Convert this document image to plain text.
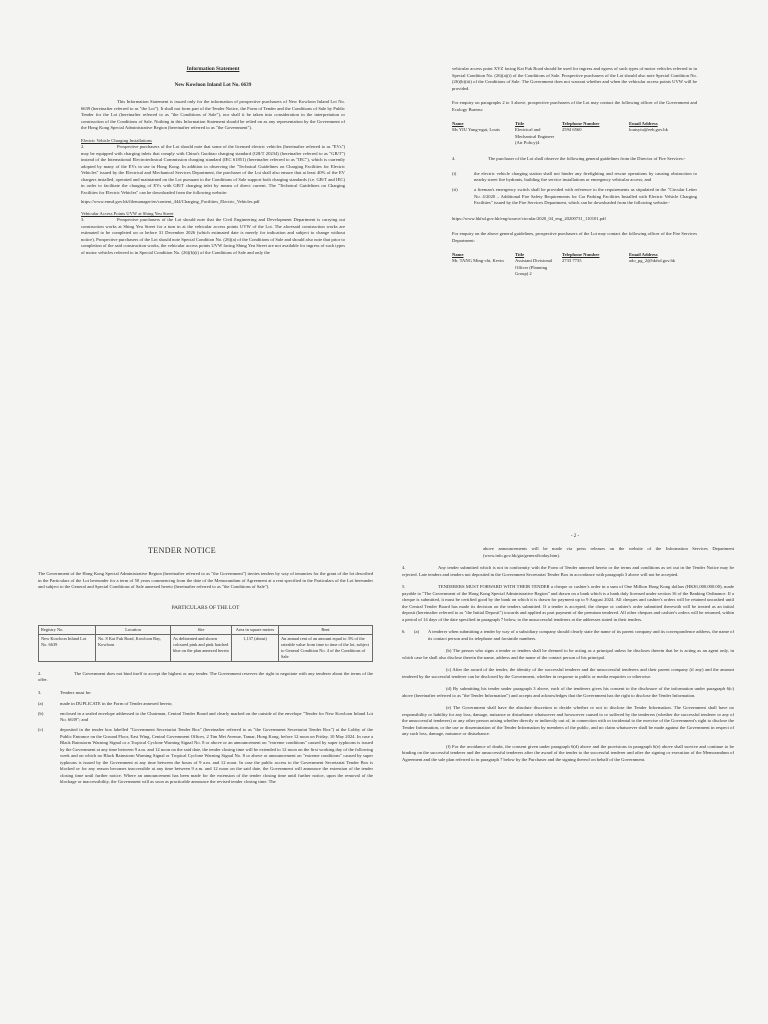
Information Statement

New Kowloon Inland Lot No. 6639

This Information Statement is issued only for the information of prospective purchasers of New Kowloon Inland Lot No. 6639 (hereinafter referred to as "the Lot"). It shall not form part of the Tender Notice, the Form of Tender and the Conditions of Sale by Public Tender for the Lot (hereinafter referred to as "the Conditions of Sale"), nor shall it be taken into consideration in the interpretation or construction of the Conditions of Sale. Nothing in this Information Statement should be relied on as any representation by the Government of the Hong Kong Special Administrative Region (hereinafter referred to as "the Government").

Electric Vehicle Charging Installations

2.	Prospective purchasers of the Lot should note that some of the licensed electric vehicles (hereinafter referred to as "EVs") may be equipped with charging inlets that comply with China's Guobiao charging standard (GB/T 20234) (hereinafter referred to as "GB/T") instead of the International Electrotechnical Commission charging standard (IEC 61851) (hereinafter referred to as "IEC"), which is currently adopted by many of the EVs in use in Hong Kong. In addition to observing the "Technical Guidelines on Charging Facilities for Electric Vehicles" issued by the Electrical and Mechanical Services Department, the purchaser of the Lot shall also ensure that at least 40% of the EV chargers installed, operated and maintained on the Lot pursuant to the Conditions of Sale support both charging standards (i.e. GB/T and IEC) in order to facilitate the charging of EVs with GB/T charging inlet by means of direct current. The "Technical Guidelines on Charging Facilities for Electric Vehicles" can be downloaded from the following website:

https://www.emsd.gov.hk/filemanager/en/content_444/Charging_Facilities_Electric_Vehicles.pdf

Vehicular Access Points UVW at Shing Yeu Street

3.	Prospective purchasers of the Lot should note that the Civil Engineering and Development Department is carrying out construction works at Shing Yeu Street for a turn in at the vehicular access points UVW of the Lot. The aforesaid construction works are estimated to be completed on or before 31 December 2026 (which estimated date is merely for indication and subject to change without notice). Prospective purchasers of the Lot should note Special Condition No. (26)(a) of the Conditions of Sale and should also note that prior to completion of the said construction works, the vehicular access points UVW facing Shing Yeu Street are not available for ingress of such types of motor vehicles referred to in Special Condition No. (26)(b)(i) of the Conditions of Sale and only the

vehicular access point XYZ facing Kai Fuk Road should be used for ingress and egress of such types of motor vehicles referred to in Special Condition No. (26)(a)(i) of the Conditions of Sale. Prospective purchasers of the Lot should also note Special Condition No. (26)(b)(iii) of the Conditions of Sale. The Government does not warrant whether and when the vehicular access points UVW will be provided.

For enquiry on paragraphs 2 to 3 above, prospective purchasers of the Lot may contact the following officer of the Government and Ecology Bureau:

Name	Title	Telephone Number	Email Address
Ms YIU Yung-ngai, Louis	Electrical and Mechanical Engineer (Air Policy)4	2594 6560	louisyiu@eeb.gov.hk
4.	The purchaser of the Lot shall observe the following general guidelines from the Director of Fire Services:-

(i)	the electric vehicle charging station shall not hinder any firefighting and rescue operations by causing obstruction to nearby street fire hydrants, building fire service installations or emergency vehicular access; and

(ii)	a fireman's emergency switch shall be provided with reference to the requirements as stipulated in the "Circular Letter No. 4/2020 – Additional Fire Safety Requirements for Car Parking Facilities Installed with Electric Vehicle Charging Facilities" issued by the Fire Services Department, which can be downloaded from the following website:-

https://www.hkfsd.gov.hk/eng/source/circular/2020_04_eng_20200731_110101.pdf

For enquiry on the above general guidelines, prospective purchasers of the Lot may contact the following officer of the Fire Services Department:

Name	Title	Telephone Number	Email Address
Mr. TANG Ming-chi, Kevin	Assistant Divisional Officer (Planning Group) 2	2733 7735	ado_pg_2@hkfsd.gov.hk

- 2 -

TENDER NOTICE

The Government of the Hong Kong Special Administrative Region (hereinafter referred to as "the Government") invites tenders by way of tenancies for the grant of the lot described in the Particulars of the Lot hereunder for a term of 50 years commencing from the date of the Memorandum of Agreement at a rent specified in the Particulars of the Lot hereunder and subject to the General and Special Conditions of Sale annexed hereto (hereinafter referred to as "the Conditions of Sale").

PARTICULARS OF THE LOT

Registry No.	Location	Site	Area in square metres	Rent
New Kowloon Inland Lot No. 6639	No. 8 Kai Fuk Road, Kowloon Bay, Kowloon	As delineated and shown coloured pink and pink hatched blue on the plan annexed hereto	1,137 (about)	An annual rent of an amount equal to 3% of the rateable value from time to time of the lot, subject to General Condition No. 4 of the Conditions of Sale
2.	The Government does not bind itself to accept the highest or any tender. The Government reserves the right to negotiate with any tenderer about the terms of the offer.

3.	Tenders must be:

(a)	made in DUPLICATE in the Form of Tender annexed hereto;

(b)	enclosed in a sealed envelope addressed to the Chairman, Central Tender Board and clearly marked on the outside of the envelope "Tender for New Kowloon Inland Lot No. 6639"; and

(c)	deposited in the tender box labelled "Government Secretariat Tender Box" (hereinafter referred to as "the Government Secretariat Tender Box") at the Lobby of the Public Entrance on the Ground Floor, East Wing, Central Government Offices, 2 Tim Mei Avenue, Tamar, Hong Kong, before 12 noon on Friday, 10 May 2024. In case a Black Rainstorm Warning Signal or a Tropical Cyclone Warning Signal No. 8 or above or an announcement on "extreme conditions" caused by super typhoons is issued by the Government at any time between 9 a.m. and 12 noon on the said date, the tender closing time will be extended to 12 noon on the first working day of the following week and on which no Black Rainstorm Warning Signal or Tropical Cyclone Warning Signal No. 8 or above or announcement on "extreme conditions" caused by super typhoons is issued by the Government at any time between the hours of 9 a.m. and 12 noon. In case the public access to the Government Secretariat Tender Box is blocked or for any reason becomes inaccessible at any time between 9 a.m. and 12 noon on the said date, the Government will announce the extension of the tender closing time until further notice. Where an announcement has been made for the extension of the tender closing time until further notice, upon the removal of the blockage or inaccessibility, the Government will as soon as practicable announce the revised tender closing time. The

above announcements will be made via press releases on the website of the Information Services Department (www.info.gov.hk/gia/general/today.htm).

4.	Any tender submitted which is not in conformity with the Form of Tender annexed hereto or the terms and conditions as set out in the Tender Notice may be rejected. Late tenders and tenders not deposited in the Government Secretariat Tender Box in accordance with paragraph 3 above will not be accepted.

5.	TENDERERS MUST FORWARD WITH THEIR TENDER a cheque or cashier's order in a sum of One Million Hong Kong dollars (HK$1,000,000.00), made payable to "The Government of the Hong Kong Special Administrative Region" and drawn on a bank which is a bank duly licensed under section 16 of the Banking Ordinance. If a cheque is submitted, it must be certified good by the bank on which it is drawn for payment up to 9 August 2024. All cheques and cashier's orders will be retained uncashed until the Central Tender Board has made its decision on the tenders submitted. If a tender is accepted, the cheque or cashier's order submitted therewith will be treated as an initial deposit (hereinafter referred to as "the Initial Deposit") towards and applied as part payment of the premium tendered. All other cheques and cashier's orders will be returned, within a period of 14 days of the date specified in paragraph 7 below, to the unsuccessful tenderers at the addresses stated in their tenders.

6.	(a)	A tenderer when submitting a tender by way of a subsidiary company should clearly state the name of its parent company and its correspondence address, the name of its contact person and its telephone and facsimile numbers.

(b) The person who signs a tender or tenders shall be deemed to be acting as a principal unless he discloses therein that he is acting as an agent only, in which case he shall also disclose therein the name, address and the name of the contact person of his principal.

(c) After the award of the tender, the identity of the successful tenderer and the unsuccessful tenderers and their parent company (if any) and the amount tendered by the successful tenderer can be disclosed by the Government, whether in response to public or media enquiries or otherwise.

(d) By submitting his tender under paragraph 3 above, each of the tenderers gives his consent to the disclosure of the information under paragraph 6(c) above (hereinafter referred to as "the Tender Information") and accepts and acknowledges that the Government has the right to disclose the Tender Information.

(e) The Government shall have the absolute discretion to decide whether or not to disclose the Tender Information. The Government shall have no responsibility or liability for any loss, damage, nuisance or disturbance whatsoever and howsoever caused to or suffered by the tenderers (whether the successful tenderer or any of the unsuccessful tenderers) or any other person arising whether directly or indirectly out of, in connection with or incidental to the exercise of the Government's right to disclose the Tender Information, or the use or dissemination of the Tender Information by members of the public, and no claim whatsoever shall be made against the Government in respect of any such loss, damage, nuisance or disturbance.

(f) For the avoidance of doubt, the consent given under paragraph 6(d) above and the provisions in paragraph 6(e) above shall survive and continue to be binding on the successful tenderer and the unsuccessful tenderers after the award of the tender to the successful tenderer and after the signing or execution of the Memorandum of Agreement and the sale plan referred to in paragraph 7 below by the Purchaser and the signing thereof on behalf of the Government.
